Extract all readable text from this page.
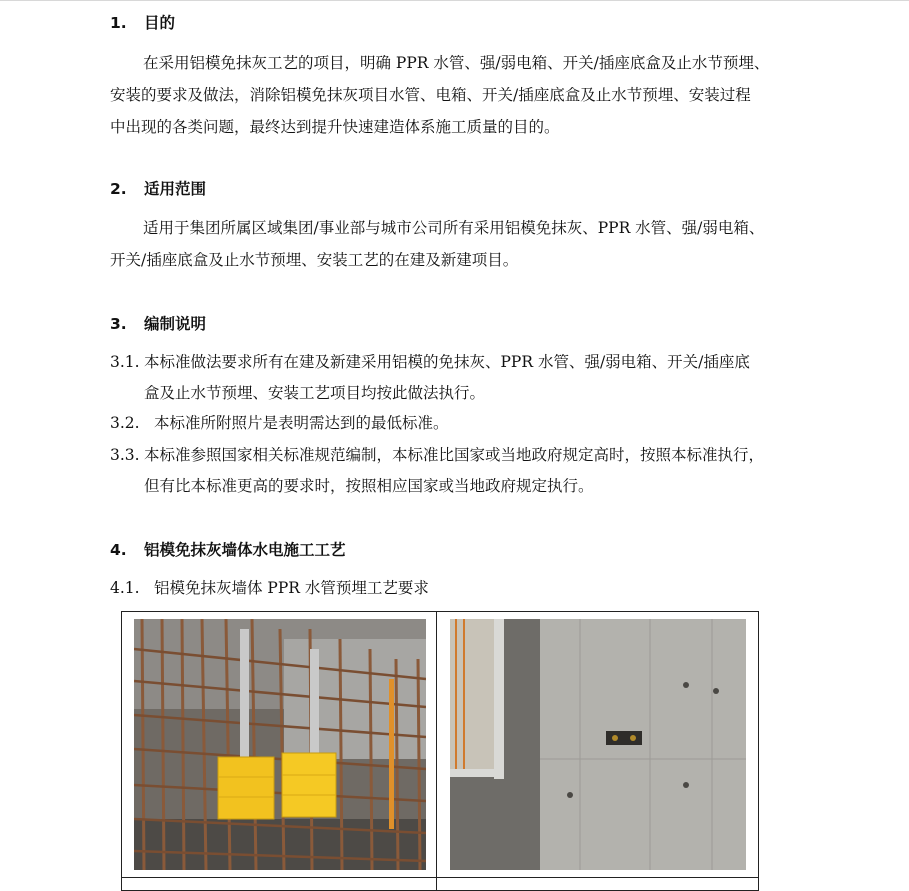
1. 目的
在采用铝模免抹灰工艺的项目，明确 PPR 水管、强/弱电箱、开关/插座底盒及止水节预埋、
安装的要求及做法，消除铝模免抹灰项目水管、电箱、开关/插座底盒及止水节预埋、安装过程
中出现的各类问题，最终达到提升快速建造体系施工质量的目的。
2. 适用范围
适用于集团所属区域集团/事业部与城市公司所有采用铝模免抹灰、PPR 水管、强/弱电箱、
开关/插座底盒及止水节预埋、安装工艺的在建及新建项目。
3. 编制说明
3.1. 本标准做法要求所有在建及新建采用铝模的免抹灰、PPR 水管、强/弱电箱、开关/插座底
盒及止水节预埋、安装工艺项目均按此做法执行。
3.2. 本标准所附照片是表明需达到的最低标准。
3.3. 本标准参照国家相关标准规范编制，本标准比国家或当地政府规定高时，按照本标准执行，
但有比本标准更高的要求时，按照相应国家或当地政府规定执行。
4. 铝模免抹灰墙体水电施工工艺
4.1. 铝模免抹灰墙体 PPR 水管预埋工艺要求
